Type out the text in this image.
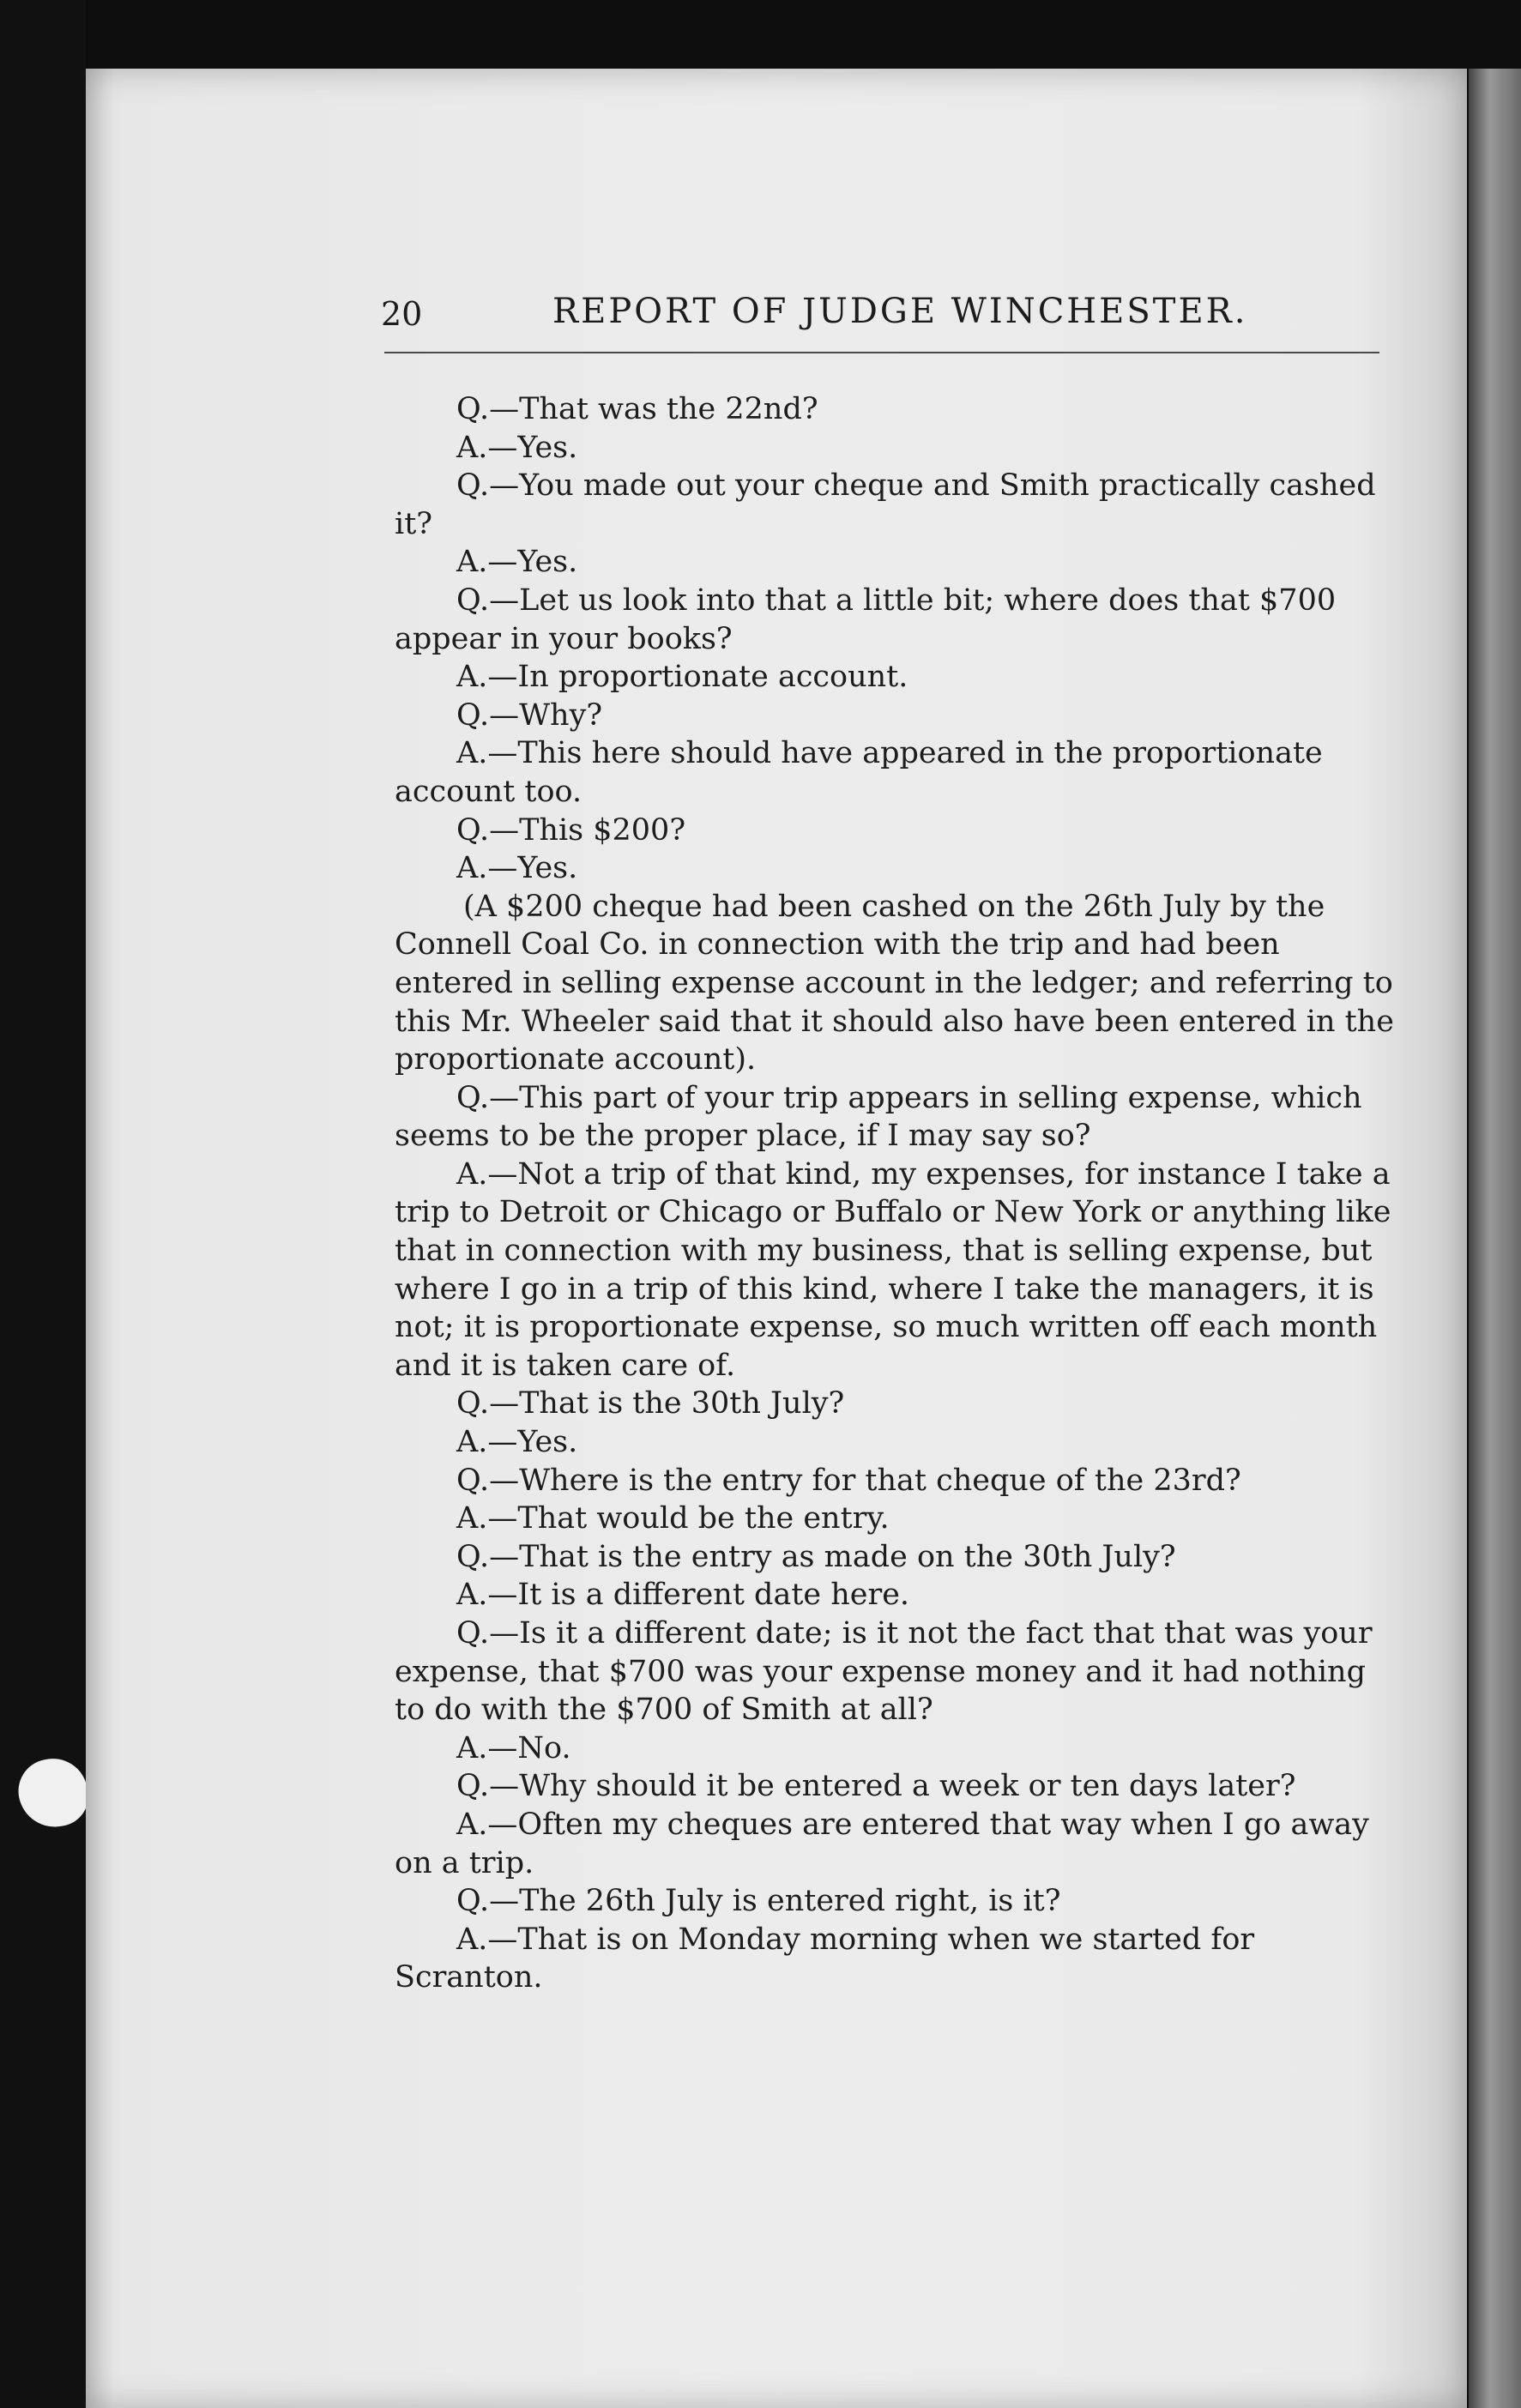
20	REPORT OF JUDGE WINCHESTER.

Q.—That was the 22nd?

A.—Yes.

Q.—You made out your cheque and Smith practically cashed it?

A.—Yes.

Q.—Let us look into that a little bit; where does that $700 appear in your books?

A.—In proportionate account.

Q.—Why?

A.—This here should have appeared in the proportionate account too.

Q.—This $200?

A.—Yes.

(A $200 cheque had been cashed on the 26th July by the Connell Coal Co. in connection with the trip and had been entered in selling expense account in the ledger; and referring to this Mr. Wheeler said that it should also have been entered in the proportionate account).

Q.—This part of your trip appears in selling expense, which seems to be the proper place, if I may say so?

A.—Not a trip of that kind, my expenses, for instance I take a trip to Detroit or Chicago or Buffalo or New York or anything like that in connection with my business, that is selling expense, but where I go in a trip of this kind, where I take the managers, it is not; it is proportionate expense, so much written off each month and it is taken care of.

Q.—That is the 30th July?

A.—Yes.

Q.—Where is the entry for that cheque of the 23rd?

A.—That would be the entry.

Q.—That is the entry as made on the 30th July?

A.—It is a different date here.

Q.—Is it a different date; is it not the fact that that was your expense, that $700 was your expense money and it had nothing to do with the $700 of Smith at all?

A.—No.

Q.—Why should it be entered a week or ten days later?

A.—Often my cheques are entered that way when I go away on a trip.

Q.—The 26th July is entered right, is it?

A.—That is on Monday morning when we started for Scranton.
